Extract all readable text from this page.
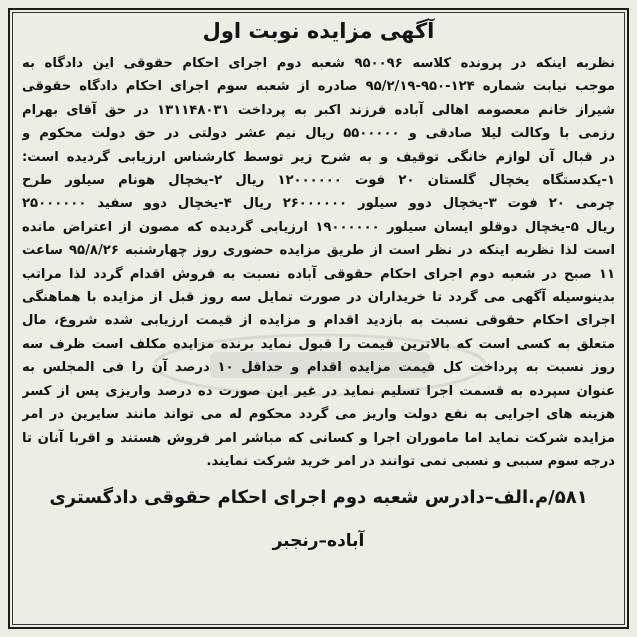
آگهی مزایده نوبت اول
نظربه اینکه در پرونده کلاسه ۹۵۰۰۹۶ شعبه دوم اجرای احکام حقوقی این دادگاه به
موجب نیابت شماره ۱۲۴-۹۵۰-۹۵/۲/۱۹ صادره از شعبه سوم اجرای احکام دادگاه حقوقی
شیراز خانم معصومه اهالی آباده فرزند اکبر به پرداخت ۱۳۱۱۴۸۰۳۱ در حق آقای بهرام
رزمی با وکالت لیلا صادقی و ۵۵۰۰۰۰۰ ریال نیم عشر دولتی در حق دولت محکوم و
در قبال آن لوازم خانگی توقیف و به شرح زیر توسط کارشناس ارزیابی گردیده است:
۱-یکدستگاه یخچال گلستان ۲۰ فوت ۱۲۰۰۰۰۰۰ ریال ۲-یخچال هونام سیلور طرح
چرمی ۲۰ فوت ۳-یخچال دوو سیلور ۲۶۰۰۰۰۰۰ ریال ۴-یخچال دوو سفید ۲۵۰۰۰۰۰۰
ریال ۵-یخچال دوقلو ایسان سیلور ۱۹۰۰۰۰۰۰ ارزیابی گردیده که مصون از اعتراض مانده
است لذا نظربه اینکه در نظر است از طریق مزایده حضوری روز چهارشنبه ۹۵/۸/۲۶ ساعت
۱۱ صبح در شعبه دوم اجرای احکام حقوقی آباده نسبت به فروش اقدام گردد لذا مراتب
بدینوسیله آگهی می گردد تا خریداران در صورت تمایل سه روز قبل از مزایده با هماهنگی
اجرای احکام حقوقی نسبت به بازدید اقدام و مزایده از قیمت ارزیابی شده شروع، مال
متعلق به کسی است که بالاترین قیمت را قبول نماید برنده مزایده مکلف است ظرف سه
روز نسبت به پرداخت کل قیمت مزایده اقدام و حداقل ۱۰ درصد آن را فی المجلس به
عنوان سپرده به قسمت اجرا تسلیم نماید در غیر این صورت ده درصد واریزی پس از کسر
هزینه های اجرایی به نفع دولت واریز می گردد محکوم له می تواند مانند سایرین در امر
مزایده شرکت نماید اما ماموران اجرا و کسانی که مباشر امر فروش هستند و اقربا آنان تا
درجه سوم سببی و نسبی نمی توانند در امر خرید شرکت نمایند.
۵۸۱/م.الف–دادرس شعبه دوم اجرای احکام حقوقی دادگستری
آباده–رنجبر
